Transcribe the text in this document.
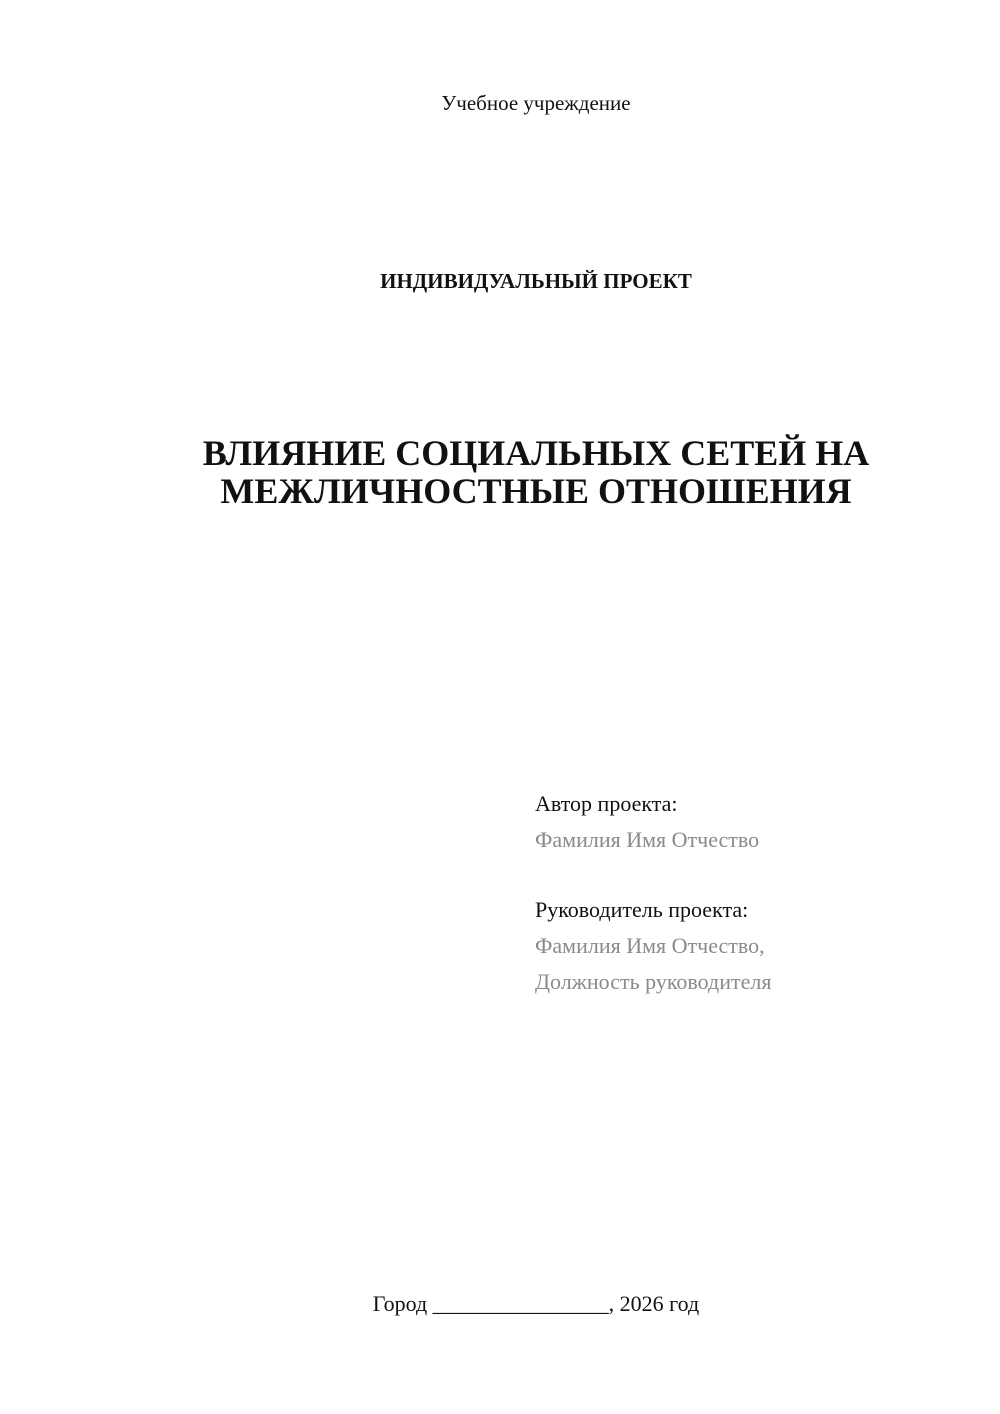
Учебное учреждение
ИНДИВИДУАЛЬНЫЙ ПРОЕКТ
ВЛИЯНИЕ СОЦИАЛЬНЫХ СЕТЕЙ НА
МЕЖЛИЧНОСТНЫЕ ОТНОШЕНИЯ
Автор проекта:
Фамилия Имя Отчество
Руководитель проекта:
Фамилия Имя Отчество,
Должность руководителя
Город ________________, 2026 год
